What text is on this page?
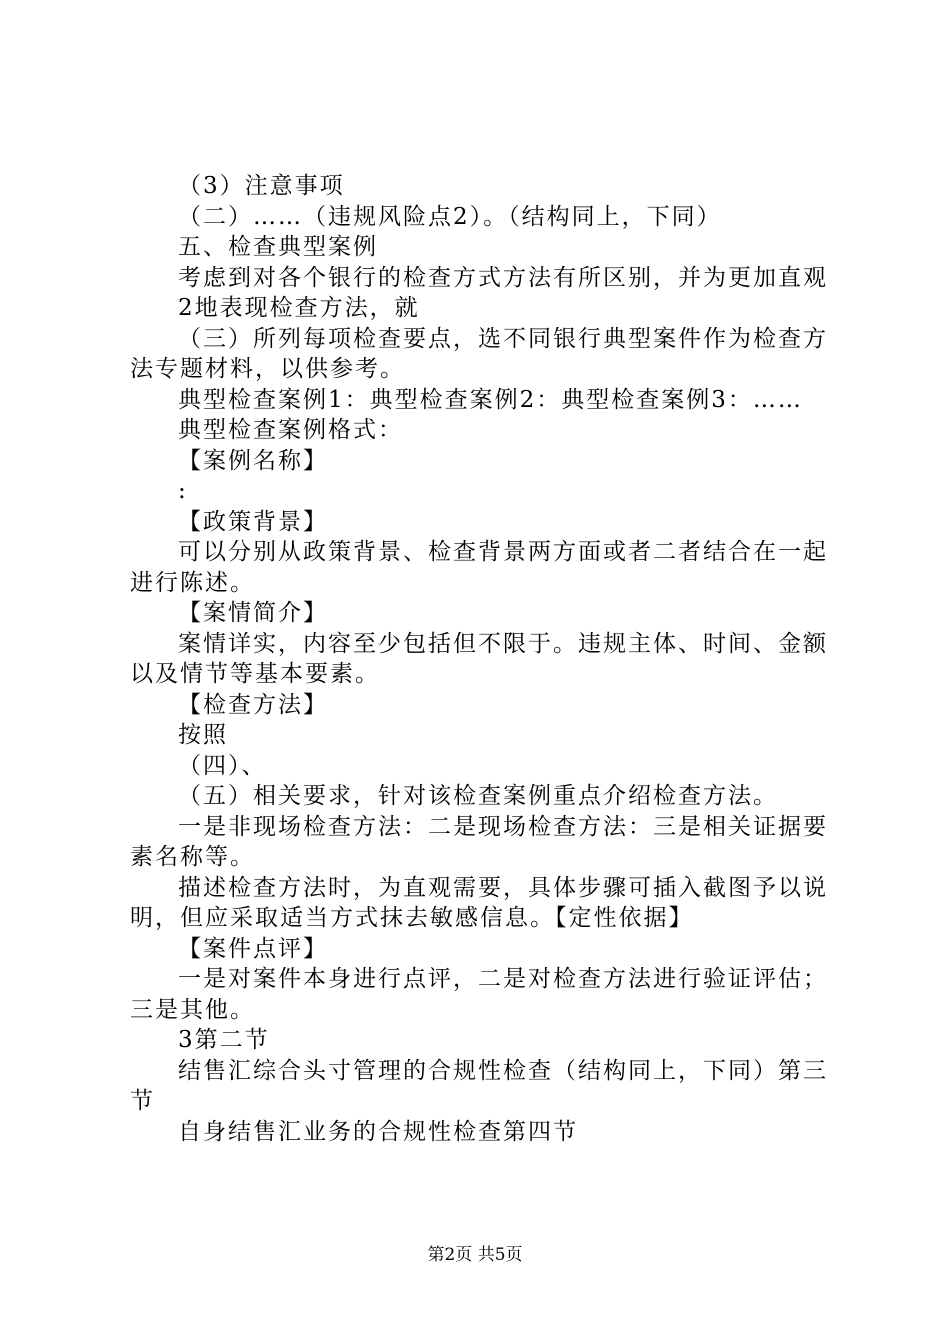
（3）注意事项

（二）……（违规风险点2）。（结构同上，下同）

五、检查典型案例

考虑到对各个银行的检查方式方法有所区别，并为更加直观

2地表现检查方法，就

（三）所列每项检查要点，选不同银行典型案件作为检查方法专题材料，以供参考。

典型检查案例1：典型检查案例2：典型检查案例3：……

典型检查案例格式：

【案例名称】

:

【政策背景】

可以分别从政策背景、检查背景两方面或者二者结合在一起进行陈述。

【案情简介】

案情详实，内容至少包括但不限于。违规主体、时间、金额以及情节等基本要素。

【检查方法】

按照

（四）、

（五）相关要求，针对该检查案例重点介绍检查方法。

一是非现场检查方法：二是现场检查方法：三是相关证据要素名称等。

描述检查方法时，为直观需要，具体步骤可插入截图予以说明，但应采取适当方式抹去敏感信息。【定性依据】

【案件点评】

一是对案件本身进行点评，二是对检查方法进行验证评估；三是其他。

3第二节

结售汇综合头寸管理的合规性检查（结构同上，下同）第三节

自身结售汇业务的合规性检查第四节

第2页 共5页
